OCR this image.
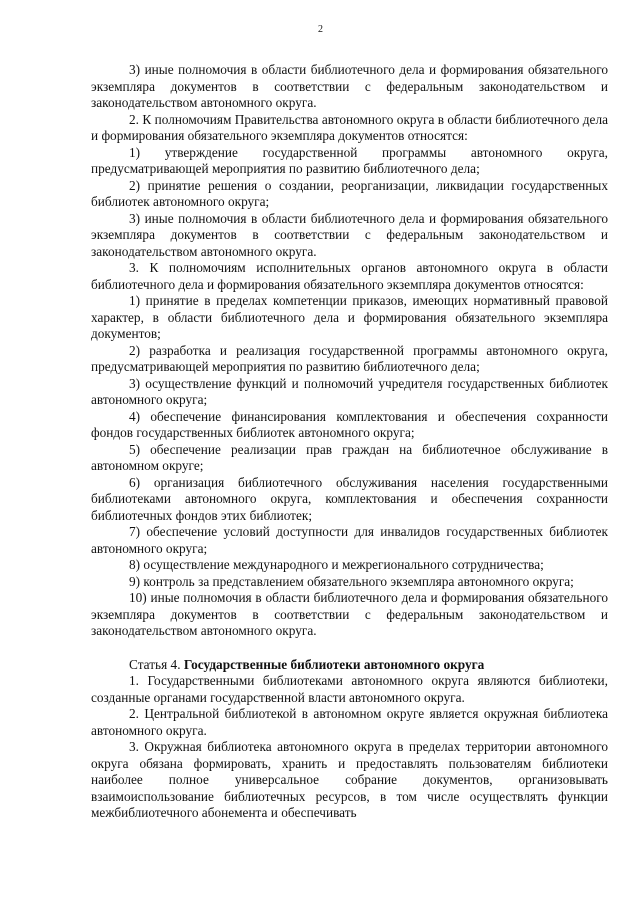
2

3) иные полномочия в области библиотечного дела и формирования обязательного экземпляра документов в соответствии с федеральным законодательством и законодательством автономного округа.

2. К полномочиям Правительства автономного округа в области библиотечного дела и формирования обязательного экземпляра документов относятся:

1) утверждение государственной программы автономного округа, предусматривающей мероприятия по развитию библиотечного дела;

2) принятие решения о создании, реорганизации, ликвидации государственных библиотек автономного округа;

3) иные полномочия в области библиотечного дела и формирования обязательного экземпляра документов в соответствии с федеральным законодательством и законодательством автономного округа.

3. К полномочиям исполнительных органов автономного округа в области библиотечного дела и формирования обязательного экземпляра документов относятся:

1) принятие в пределах компетенции приказов, имеющих нормативный правовой характер, в области библиотечного дела и формирования обязательного экземпляра документов;

2) разработка и реализация государственной программы автономного округа, предусматривающей мероприятия по развитию библиотечного дела;

3) осуществление функций и полномочий учредителя государственных библиотек автономного округа;

4) обеспечение финансирования комплектования и обеспечения сохранности фондов государственных библиотек автономного округа;

5) обеспечение реализации прав граждан на библиотечное обслуживание в автономном округе;

6) организация библиотечного обслуживания населения государственными библиотеками автономного округа, комплектования и обеспечения сохранности библиотечных фондов этих библиотек;

7) обеспечение условий доступности для инвалидов государственных библиотек автономного округа;

8) осуществление международного и межрегионального сотрудничества;

9) контроль за представлением обязательного экземпляра автономного округа;

10) иные полномочия в области библиотечного дела и формирования обязательного экземпляра документов в соответствии с федеральным законодательством и законодательством автономного округа.

Статья 4. Государственные библиотеки автономного округа

1. Государственными библиотеками автономного округа являются библиотеки, созданные органами государственной власти автономного округа.

2. Центральной библиотекой в автономном округе является окружная библиотека автономного округа.

3. Окружная библиотека автономного округа в пределах территории автономного округа обязана формировать, хранить и предоставлять пользователям библиотеки наиболее полное универсальное собрание документов, организовывать взаимоиспользование библиотечных ресурсов, в том числе осуществлять функции межбиблиотечного абонемента и обеспечивать
